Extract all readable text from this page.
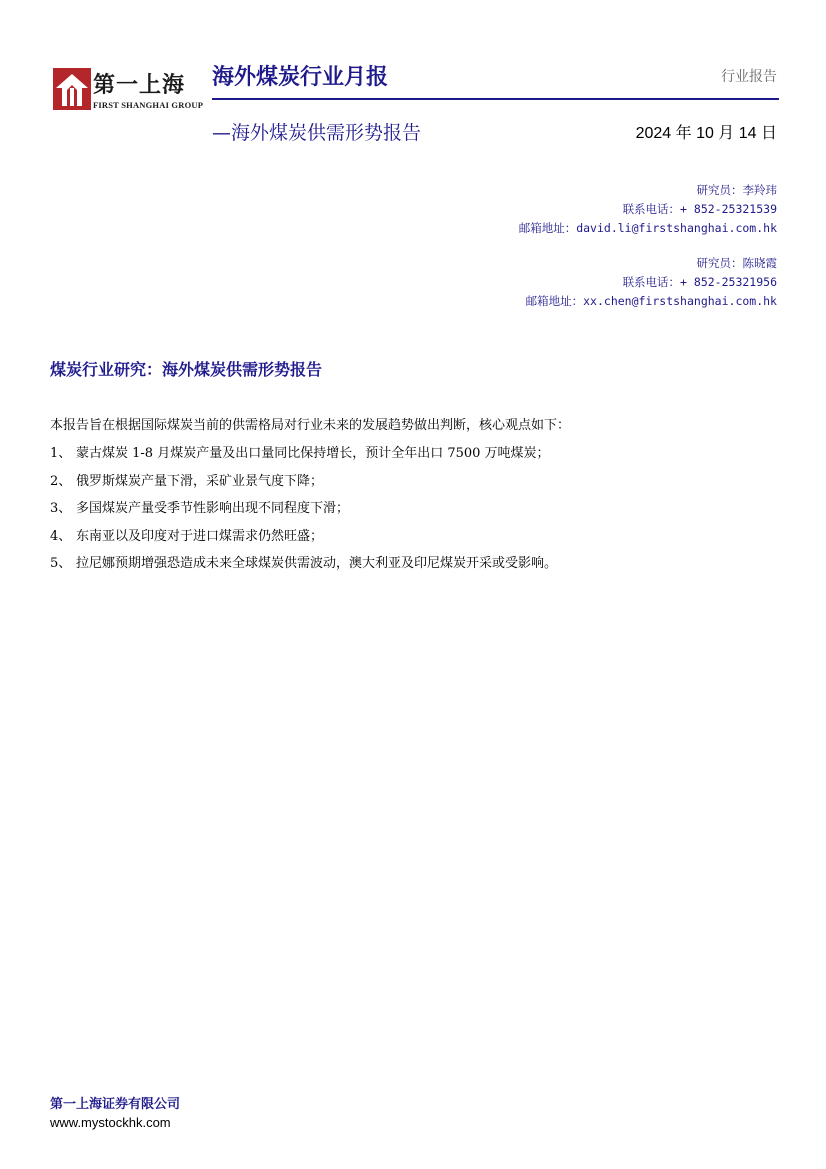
第一上海
FIRST SHANGHAI GROUP
海外煤炭行业月报	行业报告
—海外煤炭供需形势报告	2024 年 10 月 14 日
研究员：李羚玮
联系电话：+ 852-25321539
邮箱地址：david.li@firstshanghai.com.hk
研究员：陈晓霞
联系电话：+ 852-25321956
邮箱地址：xx.chen@firstshanghai.com.hk
煤炭行业研究：海外煤炭供需形势报告
本报告旨在根据国际煤炭当前的供需格局对行业未来的发展趋势做出判断，核心观点如下：
1、 蒙古煤炭 1-8 月煤炭产量及出口量同比保持增长，预计全年出口 7500 万吨煤炭；
2、 俄罗斯煤炭产量下滑，采矿业景气度下降；
3、 多国煤炭产量受季节性影响出现不同程度下滑；
4、 东南亚以及印度对于进口煤需求仍然旺盛；
5、 拉尼娜预期增强恐造成未来全球煤炭供需波动，澳大利亚及印尼煤炭开采或受影响。
第一上海证券有限公司
www.mystockhk.com
